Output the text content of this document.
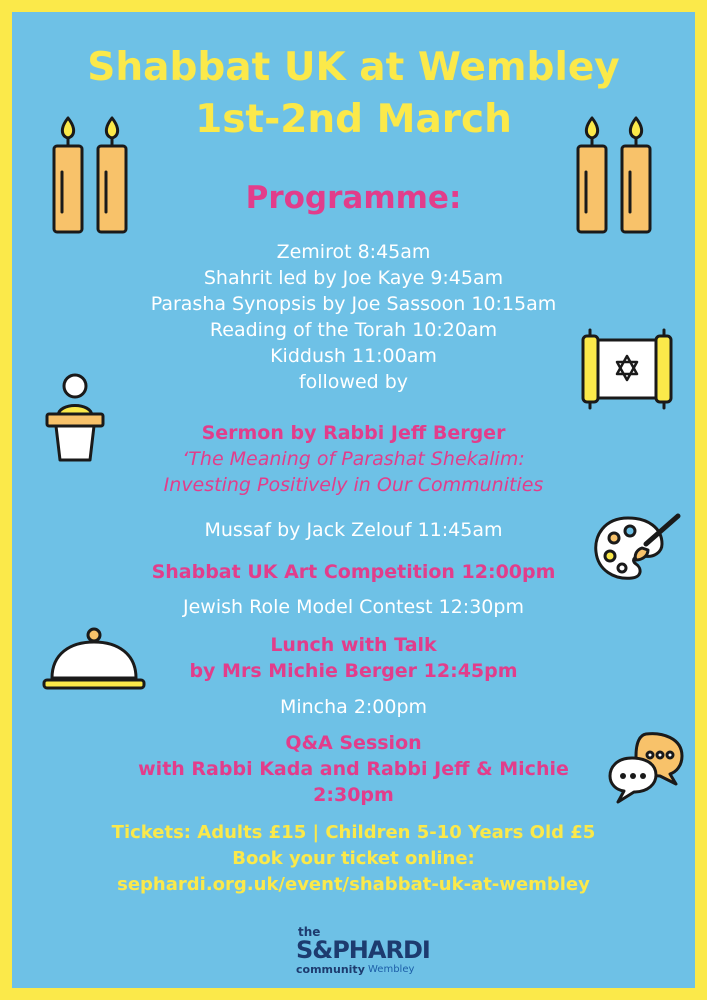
Shabbat UK at Wembley
1st-2nd March
Programme:
Zemirot 8:45am
Shahrit led by Joe Kaye 9:45am
Parasha Synopsis by Joe Sassoon 10:15am
Reading of the Torah 10:20am
Kiddush 11:00am
followed by
Sermon by Rabbi Jeff Berger
‘The Meaning of Parashat Shekalim:
Investing Positively in Our Communities
Mussaf by Jack Zelouf 11:45am
Shabbat UK Art Competition 12:00pm
Jewish Role Model Contest 12:30pm
Lunch with Talk
by Mrs Michie Berger 12:45pm
Mincha 2:00pm
Q&A Session
with Rabbi Kada and Rabbi Jeff & Michie
2:30pm
Tickets: Adults £15 | Children 5-10 Years Old £5
Book your ticket online:
sephardi.org.uk/event/shabbat-uk-at-wembley
the
S&PHARDI
community Wembley
